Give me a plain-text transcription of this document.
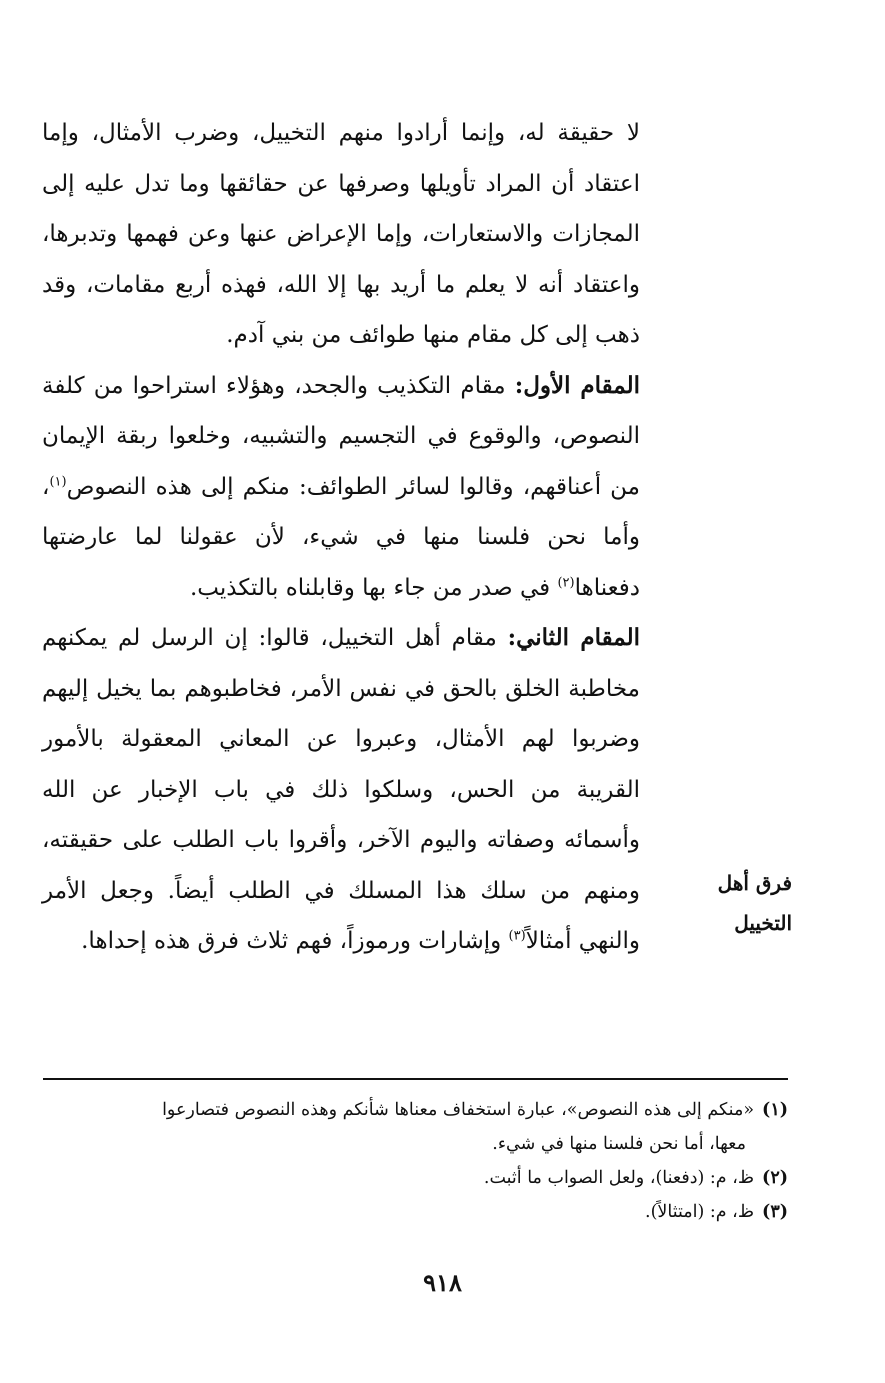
لا حقيقة له، وإنما أرادوا منهم التخييل، وضرب الأمثال، وإما اعتقاد أن المراد تأويلها وصرفها عن حقائقها وما تدل عليه إلى المجازات والاستعارات، وإما الإعراض عنها وعن فهمها وتدبرها، واعتقاد أنه لا يعلم ما أريد بها إلا الله، فهذه أربع مقامات، وقد ذهب إلى كل مقام منها طوائف من بني آدم.

المقام الأول: مقام التكذيب والجحد، وهؤلاء استراحوا من كلفة النصوص، والوقوع في التجسيم والتشبيه، وخلعوا ربقة الإيمان من أعناقهم، وقالوا لسائر الطوائف: منكم إلى هذه النصوص$^{(١)}$، وأما نحن فلسنا منها في شيء، لأن عقولنا لما عارضتها دفعناها$^{(٢)}$ في صدر من جاء بها وقابلناه بالتكذيب.

المقام الثاني: مقام أهل التخييل، قالوا: إن الرسل لم يمكنهم مخاطبة الخلق بالحق في نفس الأمر، فخاطبوهم بما يخيل إليهم وضربوا لهم الأمثال، وعبروا عن المعاني المعقولة بالأمور القريبة من الحس، وسلكوا ذلك في باب الإخبار عن الله وأسمائه وصفاته واليوم الآخر، وأقروا باب الطلب على حقيقته، ومنهم من سلك هذا المسلك في الطلب أيضاً. وجعل الأمر والنهي أمثالاً$^{(٣)}$ وإشارات ورموزاً، فهم ثلاث فرق هذه إحداها.

فرق أهل التخييل

(١)«منكم إلى هذه النصوص»، عبارة استخفاف معناها شأنكم وهذه النصوص فتصارعوا

معها، أما نحن فلسنا منها في شيء.

(٢)ظ، م: (دفعنا)، ولعل الصواب ما أثبت.

(٣)ظ، م: (امتثالاً).

٩١٨
